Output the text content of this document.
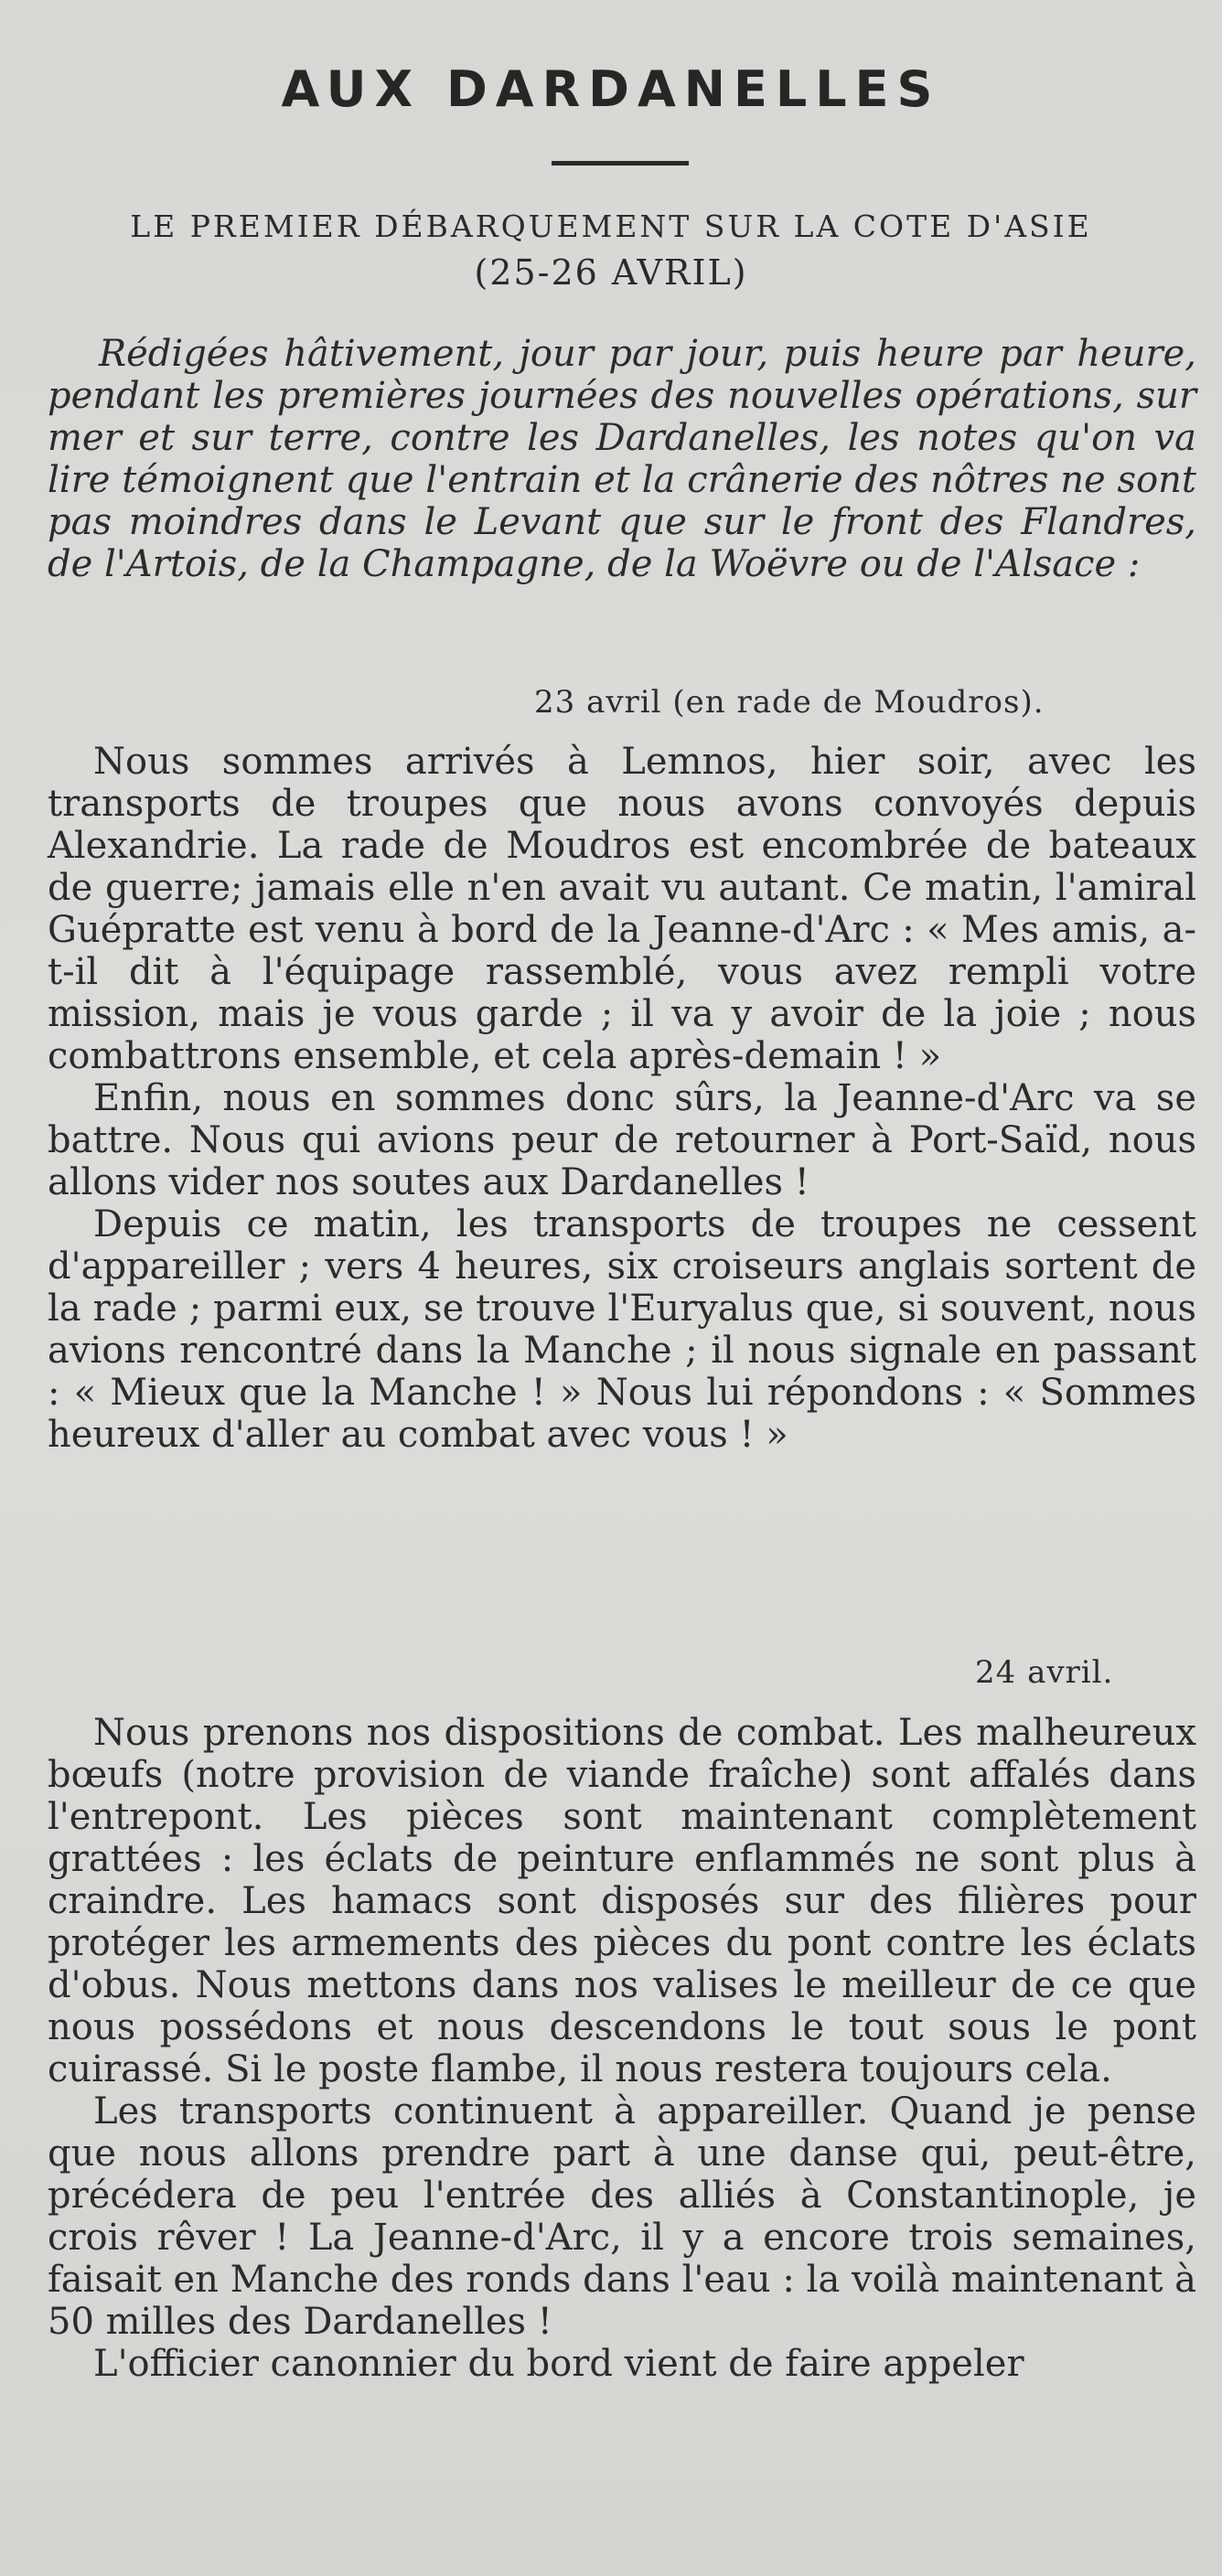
AUX DARDANELLES
LE PREMIER DÉBARQUEMENT SUR LA COTE D'ASIE
(25-26 AVRIL)

Rédigées hâtivement, jour par jour, puis heure par heure, pendant les premières journées des nouvelles opérations, sur mer et sur terre, contre les Dardanelles, les notes qu'on va lire témoignent que l'entrain et la crânerie des nôtres ne sont pas moindres dans le Levant que sur le front des Flandres, de l'Artois, de la Champagne, de la Woëvre ou de l'Alsace :

23 avril (en rade de Moudros).

Nous sommes arrivés à Lemnos, hier soir, avec les transports de troupes que nous avons convoyés depuis Alexandrie. La rade de Moudros est encombrée de bateaux de guerre; jamais elle n'en avait vu autant. Ce matin, l'amiral Guépratte est venu à bord de la Jeanne-d'Arc : « Mes amis, a-t-il dit à l'équipage rassemblé, vous avez rempli votre mission, mais je vous garde ; il va y avoir de la joie ; nous combattrons ensemble, et cela après-demain ! »

Enfin, nous en sommes donc sûrs, la Jeanne-d'Arc va se battre. Nous qui avions peur de retourner à Port-Saïd, nous allons vider nos soutes aux Dardanelles !

Depuis ce matin, les transports de troupes ne cessent d'appareiller ; vers 4 heures, six croiseurs anglais sortent de la rade ; parmi eux, se trouve l'Euryalus que, si souvent, nous avions rencontré dans la Manche ; il nous signale en passant : « Mieux que la Manche ! » Nous lui répondons : « Sommes heureux d'aller au combat avec vous ! »

24 avril.

Nous prenons nos dispositions de combat. Les malheureux bœufs (notre provision de viande fraîche) sont affalés dans l'entrepont. Les pièces sont maintenant complètement grattées : les éclats de peinture enflammés ne sont plus à craindre. Les hamacs sont disposés sur des filières pour protéger les armements des pièces du pont contre les éclats d'obus. Nous mettons dans nos valises le meilleur de ce que nous possédons et nous descendons le tout sous le pont cuirassé. Si le poste flambe, il nous restera toujours cela.

Les transports continuent à appareiller. Quand je pense que nous allons prendre part à une danse qui, peut-être, précédera de peu l'entrée des alliés à Constantinople, je crois rêver ! La Jeanne-d'Arc, il y a encore trois semaines, faisait en Manche des ronds dans l'eau : la voilà maintenant à 50 milles des Dardanelles !

L'officier canonnier du bord vient de faire appeler
